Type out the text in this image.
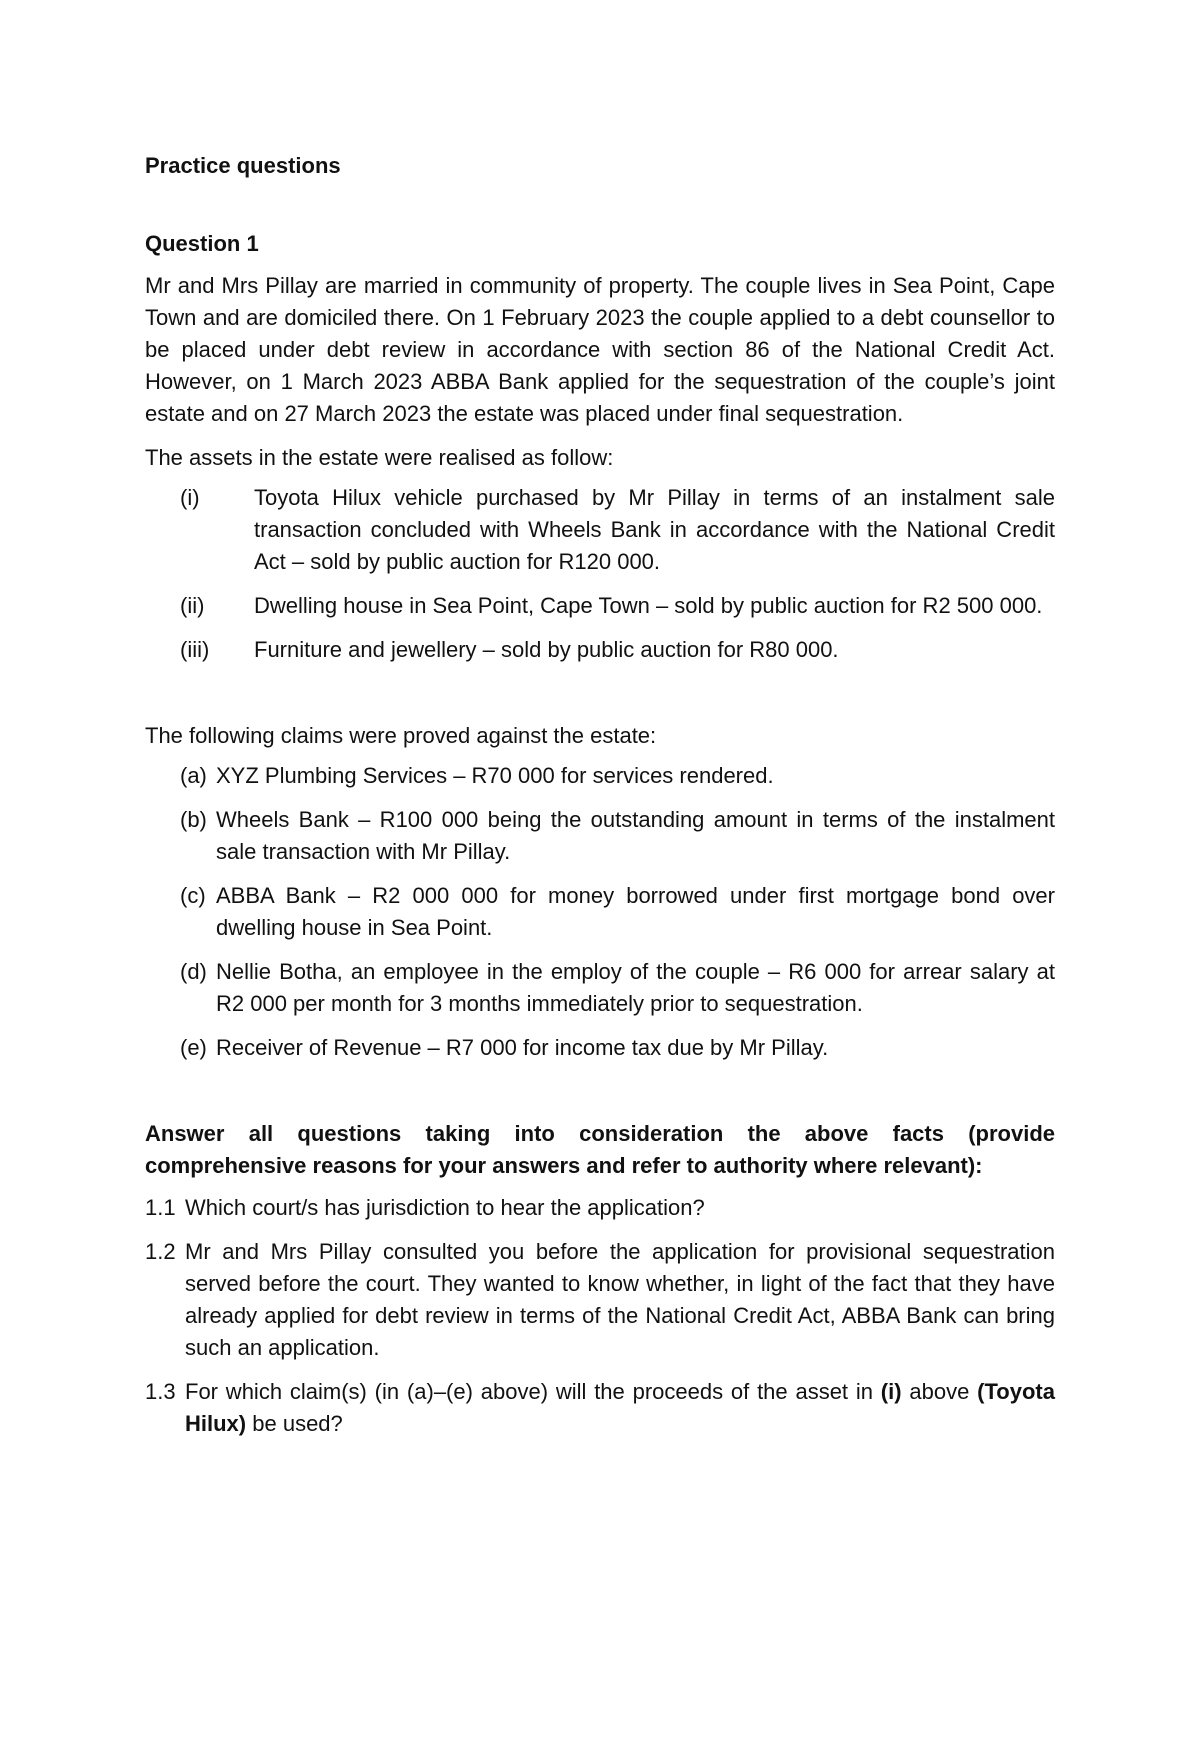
Practice questions

Question 1

Mr and Mrs Pillay are married in community of property. The couple lives in Sea Point, Cape Town and are domiciled there. On 1 February 2023 the couple applied to a debt counsellor to be placed under debt review in accordance with section 86 of the National Credit Act. However, on 1 March 2023 ABBA Bank applied for the sequestration of the couple’s joint estate and on 27 March 2023 the estate was placed under final sequestration.

The assets in the estate were realised as follow:

(i)	Toyota Hilux vehicle purchased by Mr Pillay in terms of an instalment sale transaction concluded with Wheels Bank in accordance with the National Credit Act – sold by public auction for R120 000.
(ii)	Dwelling house in Sea Point, Cape Town – sold by public auction for R2 500 000.
(iii)	Furniture and jewellery – sold by public auction for R80 000.

The following claims were proved against the estate:

(a) XYZ Plumbing Services – R70 000 for services rendered.
(b) Wheels Bank – R100 000 being the outstanding amount in terms of the instalment sale transaction with Mr Pillay.
(c) ABBA Bank – R2 000 000 for money borrowed under first mortgage bond over dwelling house in Sea Point.
(d) Nellie Botha, an employee in the employ of the couple – R6 000 for arrear salary at R2 000 per month for 3 months immediately prior to sequestration.
(e) Receiver of Revenue – R7 000 for income tax due by Mr Pillay.

Answer all questions taking into consideration the above facts (provide comprehensive reasons for your answers and refer to authority where relevant):

1.1 Which court/s has jurisdiction to hear the application?
1.2 Mr and Mrs Pillay consulted you before the application for provisional sequestration served before the court. They wanted to know whether, in light of the fact that they have already applied for debt review in terms of the National Credit Act, ABBA Bank can bring such an application.
1.3 For which claim(s) (in (a)–(e) above) will the proceeds of the asset in (i) above (Toyota Hilux) be used?
